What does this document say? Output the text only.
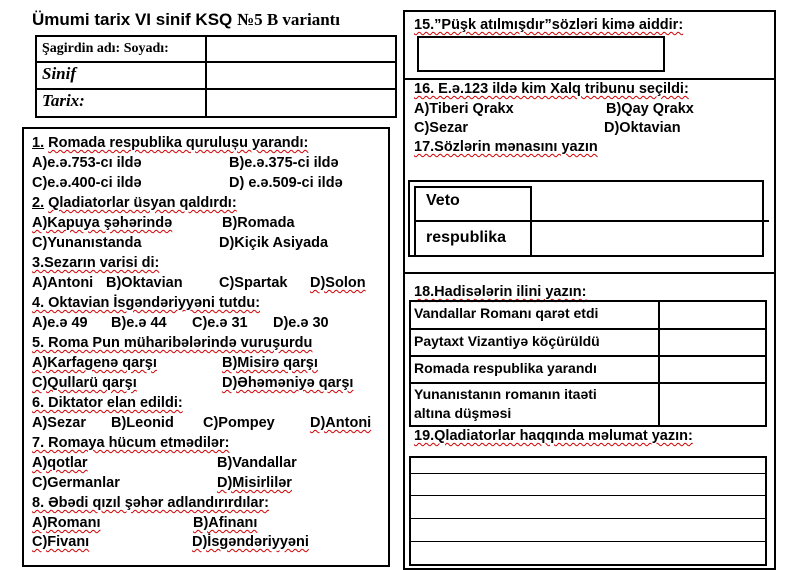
Ümumi tarix VI sinif KSQ №5 B variantı
Şagirdin adı: Soyadı:
Sinif
Tarix:
1. Romada respublika qurulușu yarandı:
A)e.ə.753-cı ildə	B)e.ə.375-ci ildə
C)e.ə.400-ci ildə	D) e.ə.509-ci ildə
2. Qladiatorlar üsyan qaldırdı:
A)Kapuya şəhərində	B)Romada
C)Yunanıstanda	D)Kiçik Asiyada
3.Sezarın varisi di:
A)Antoni B)Oktavian	C)Spartak D)Solon
4. Oktavian İsgəndəriyyəni tutdu:
A)e.ə 49 B)e.ə 44 C)e.ə 31 D)e.ə 30
5. Roma Pun müharibələrində vuruşurdu
A)Karfagenə qarşı	B)Misirə qarşı
C)Qullarü qarşı	D)Əhəməniyə qarşı
6. Diktator elan edildi:
A)Sezar B)Leonid C)Pompey D)Antoni
7. Romaya hücum etmədilər:
A)qotlar	B)Vandallar
C)Germanlar	D)Misirlilər
8. Əbədi qızıl şəhər adlandırırdılar:
A)Romanı	B)Afinanı
C)Fivanı	D)İsgəndəriyyəni
15.”Püşk atılmışdır”sözləri kimə aiddir:
16. E.ə.123 ildə kim Xalq tribunu seçildi:
A)Tiberi Qrakx	B)Qay Qrakx
C)Sezar	D)Oktavian
17.Sözlərin mənasını yazın
Veto
respublika
18.Hadisələrin ilini yazın:
Vandallar Romanı qarət etdi
Paytaxt Vizantiyə köçürüldü
Romada respublika yarandı
Yunanıstanın romanın itaəti
altına düşməsi
19.Qladiatorlar haqqında məlumat yazın:
